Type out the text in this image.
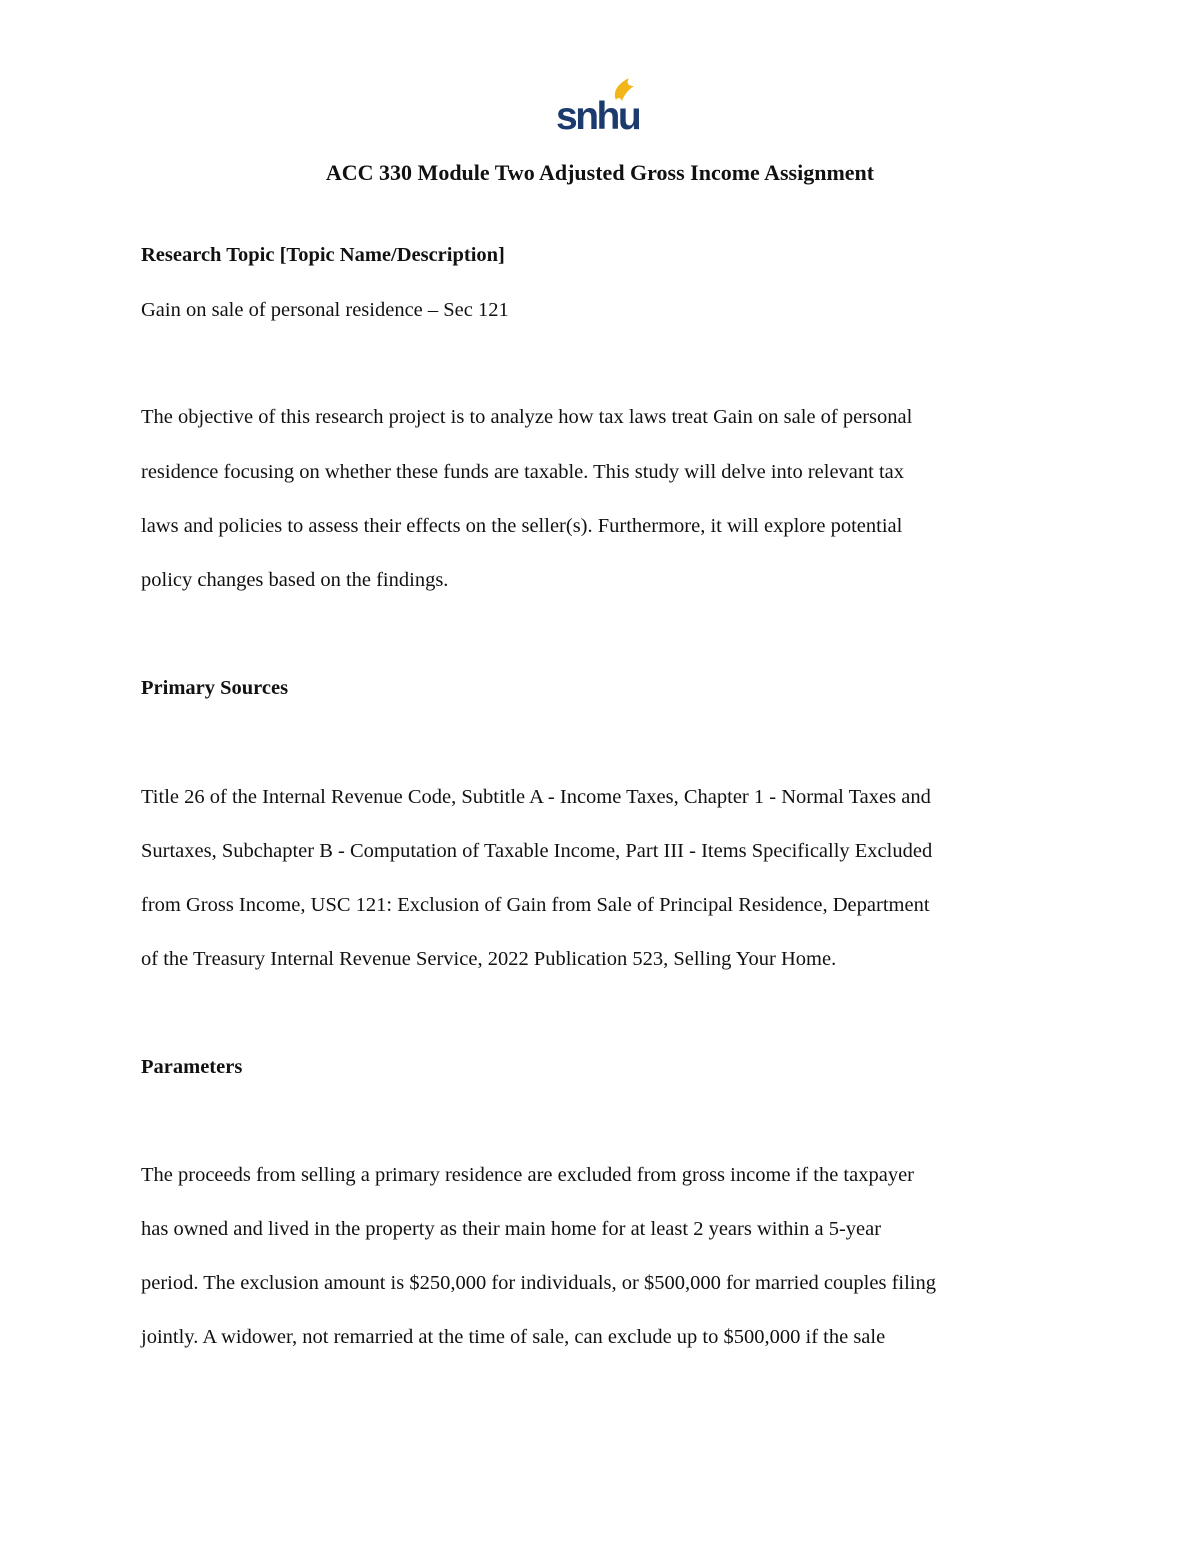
snhu
ACC 330 Module Two Adjusted Gross Income Assignment

Research Topic [Topic Name/Description]

Gain on sale of personal residence – Sec 121

The objective of this research project is to analyze how tax laws treat Gain on sale of personal

residence focusing on whether these funds are taxable. This study will delve into relevant tax

laws and policies to assess their effects on the seller(s). Furthermore, it will explore potential

policy changes based on the findings.

Primary Sources

Title 26 of the Internal Revenue Code, Subtitle A - Income Taxes, Chapter 1 - Normal Taxes and

Surtaxes, Subchapter B - Computation of Taxable Income, Part III - Items Specifically Excluded

from Gross Income, USC 121: Exclusion of Gain from Sale of Principal Residence, Department

of the Treasury Internal Revenue Service, 2022 Publication 523, Selling Your Home.

Parameters

The proceeds from selling a primary residence are excluded from gross income if the taxpayer

has owned and lived in the property as their main home for at least 2 years within a 5-year

period. The exclusion amount is $250,000 for individuals, or $500,000 for married couples filing

jointly. A widower, not remarried at the time of sale, can exclude up to $500,000 if the sale
